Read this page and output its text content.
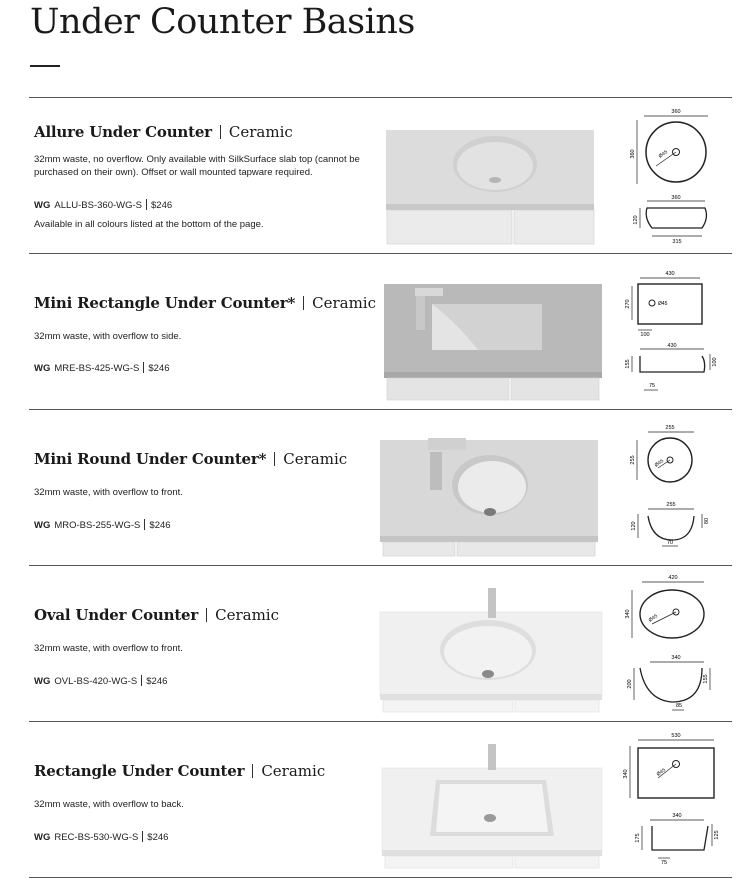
Under Counter Basins
Allure Under Counter Ceramic

32mm waste, no overflow. Only available with SilkSurface slab top (cannot be purchased on their own). Offset or wall mounted tapware required.

WG ALLU-BS-360-WG-S $246
Available in all colours listed at the bottom of the page.
360
360	Ø45
360
120
315
Mini Rectangle Under Counter* Ceramic

32mm waste, with overflow to side.

WG MRE-BS-425-WG-S $246
430
270	Ø45
100
430
155	100
75
Mini Round Under Counter* Ceramic

32mm waste, with overflow to front.

WG MRO-BS-255-WG-S $246
255
255	Ø45
255
120
80
70
Oval Under Counter Ceramic

32mm waste, with overflow to front.

WG OVL-BS-420-WG-S $246
420
340	Ø45
340
200
155
85
Rectangle Under Counter Ceramic

32mm waste, with overflow to back.

WG REC-BS-530-WG-S $246
530
340	Ø45
340
175	125
75
